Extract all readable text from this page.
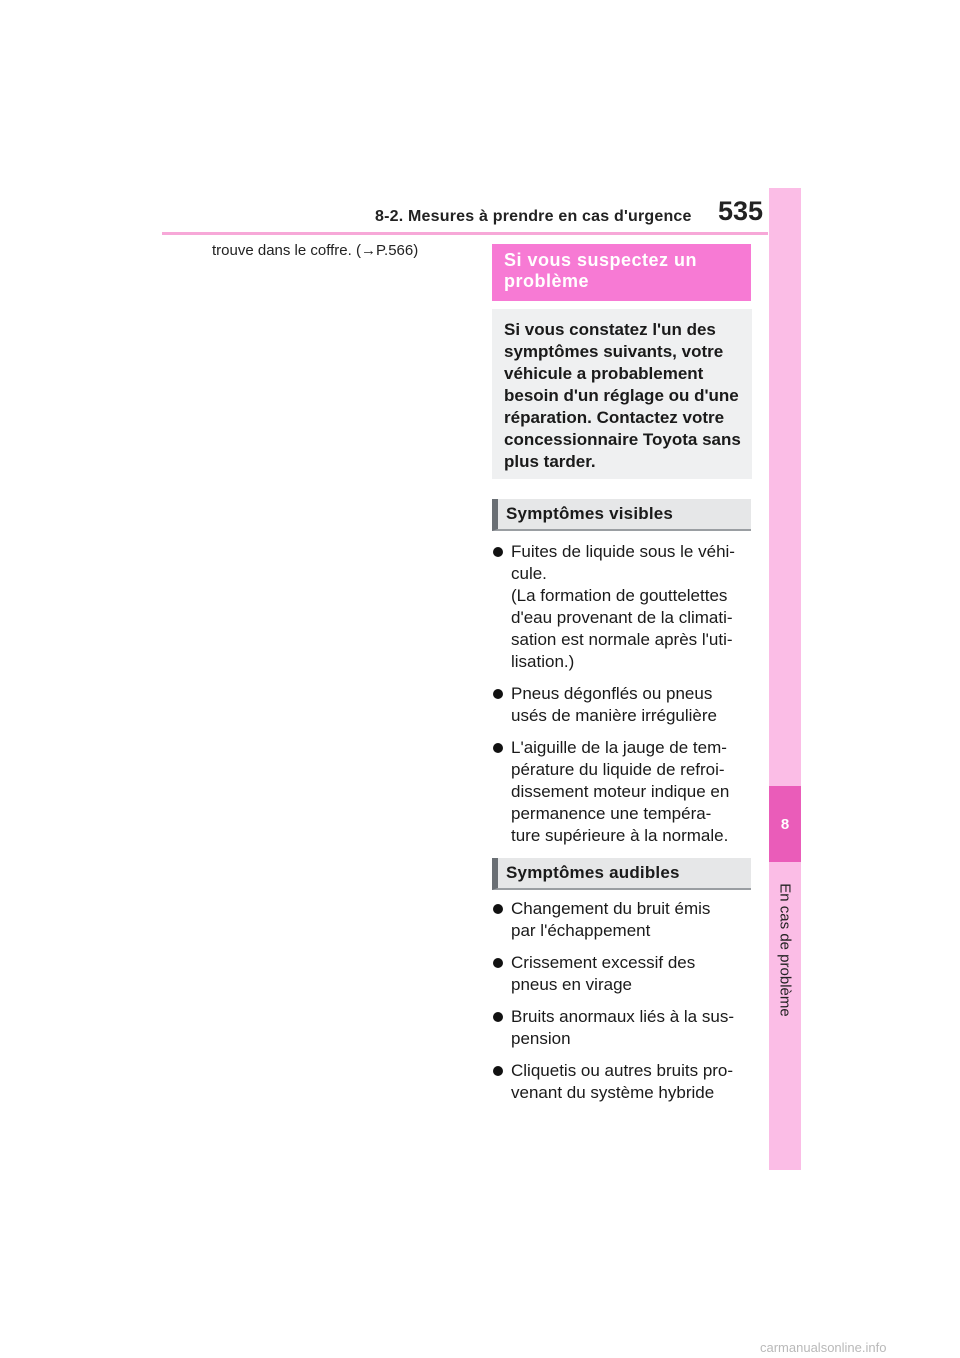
8-2. Mesures à prendre en cas d'urgence 535
8
En cas de problème
trouve dans le coffre. (→P.566)	Si vous suspectez un problème
Si vous constatez l'un des symptômes suivants, votre véhicule a probablement besoin d'un réglage ou d'une réparation. Contactez votre concessionnaire Toyota sans plus tarder.
Symptômes visibles
Fuites de liquide sous le véhi-
cule.
(La formation de gouttelettes
d'eau provenant de la climati-
sation est normale après l'uti-
lisation.)
Pneus dégonflés ou pneus
usés de manière irrégulière
L'aiguille de la jauge de tem-
pérature du liquide de refroi-
dissement moteur indique en
permanence une tempéra-
ture supérieure à la normale.
Symptômes audibles
Changement du bruit émis
par l'échappement
Crissement excessif des
pneus en virage
Bruits anormaux liés à la sus-
pension
Cliquetis ou autres bruits pro-
venant du système hybride
carmanualsonline.info
